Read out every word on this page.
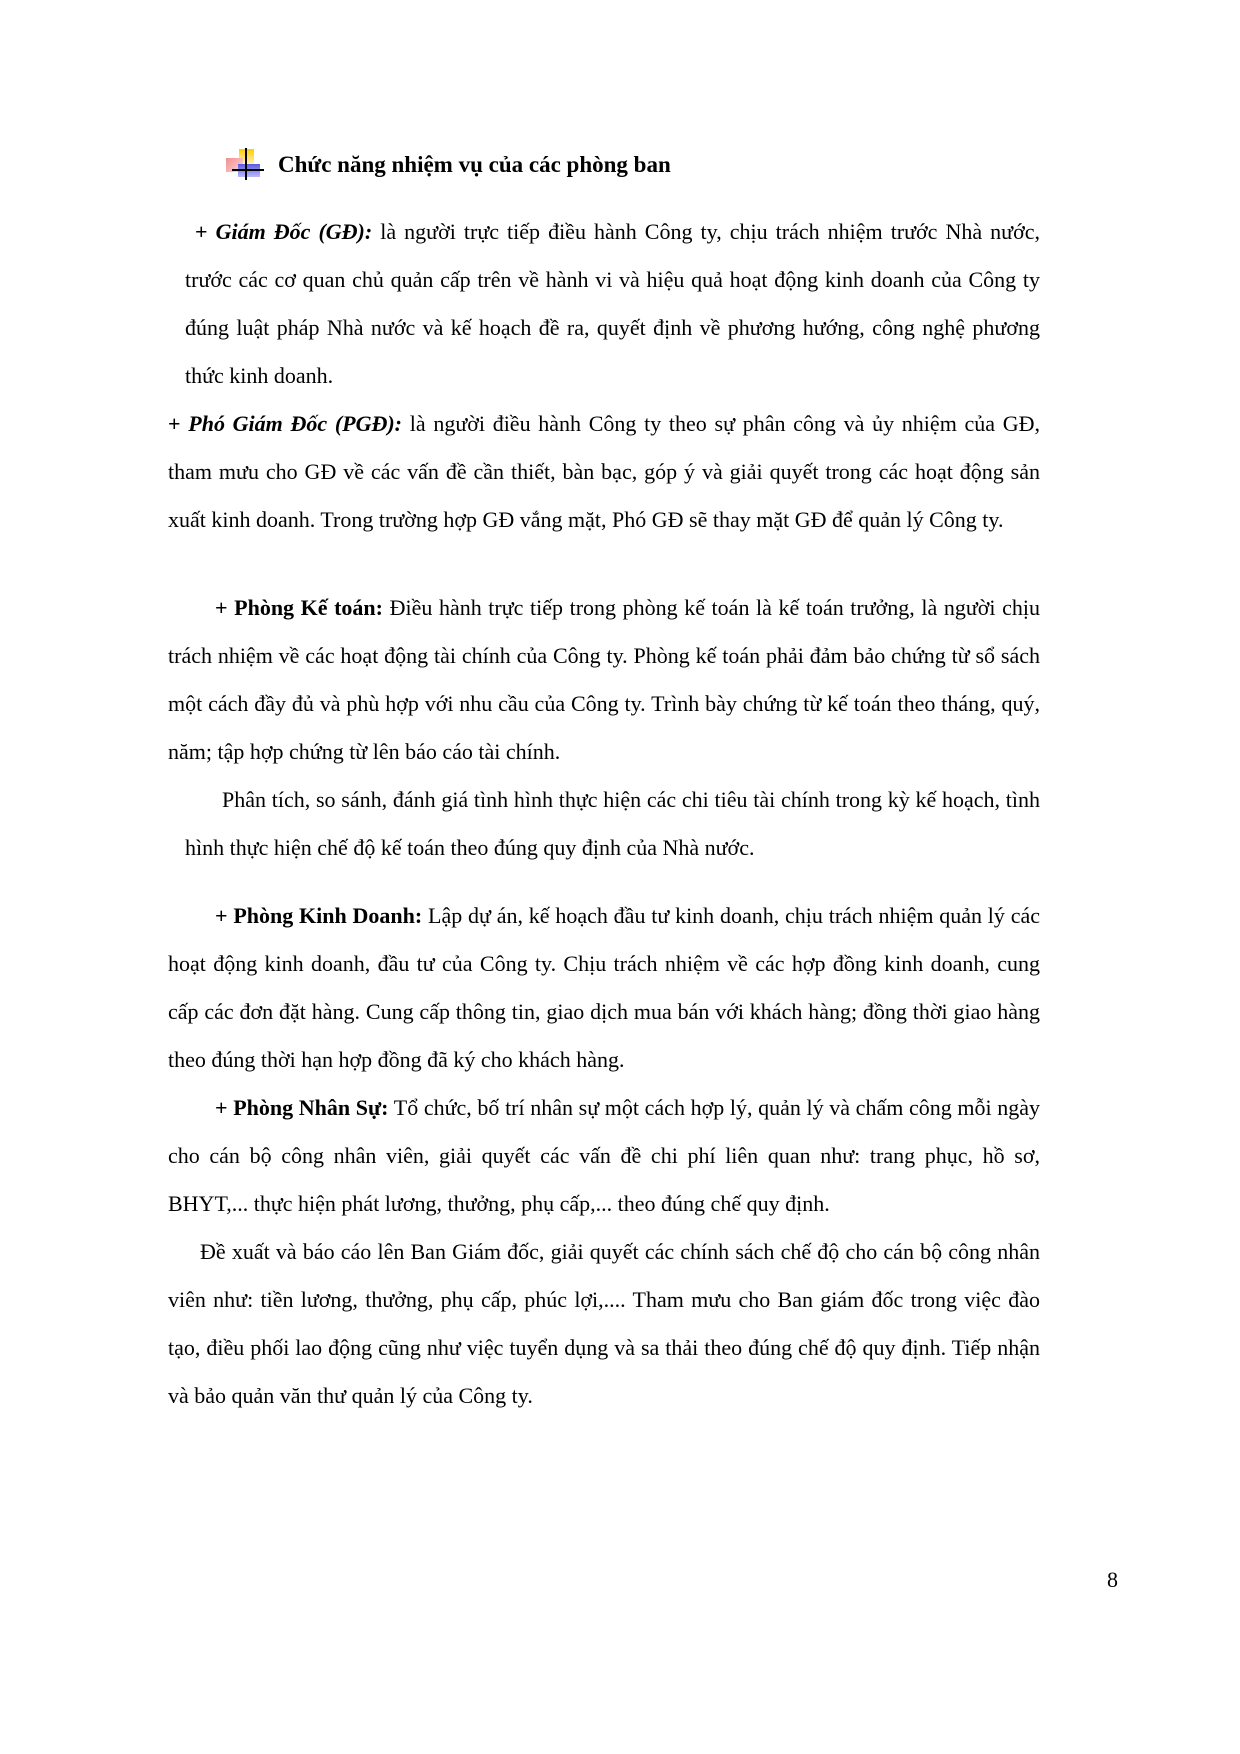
Chức năng nhiệm vụ của các phòng ban

+ Giám Đốc (GĐ): là người trực tiếp điều hành Công ty, chịu trách nhiệm trước Nhà nước, trước các cơ quan chủ quản cấp trên về hành vi và hiệu quả hoạt động kinh doanh của Công ty đúng luật pháp Nhà nước và kế hoạch đề ra, quyết định về phương hướng, công nghệ phương thức kinh doanh.

+ Phó Giám Đốc (PGĐ): là người điều hành Công ty theo sự phân công và ủy nhiệm của GĐ, tham mưu cho GĐ về các vấn đề cần thiết, bàn bạc, góp ý và giải quyết trong các hoạt động sản xuất kinh doanh. Trong trường hợp GĐ vắng mặt, Phó GĐ sẽ thay mặt GĐ để quản lý Công ty.

+ Phòng Kế toán: Điều hành trực tiếp trong phòng kế toán là kế toán trưởng, là người chịu trách nhiệm về các hoạt động tài chính của Công ty. Phòng kế toán phải đảm bảo chứng từ sổ sách một cách đầy đủ và phù hợp với nhu cầu của Công ty. Trình bày chứng từ kế toán theo tháng, quý, năm; tập hợp chứng từ lên báo cáo tài chính.

Phân tích, so sánh, đánh giá tình hình thực hiện các chi tiêu tài chính trong kỳ kế hoạch, tình hình thực hiện chế độ kế toán theo đúng quy định của Nhà nước.

+ Phòng Kinh Doanh: Lập dự án, kế hoạch đầu tư kinh doanh, chịu trách nhiệm quản lý các hoạt động kinh doanh, đầu tư của Công ty. Chịu trách nhiệm về các hợp đồng kinh doanh, cung cấp các đơn đặt hàng. Cung cấp thông tin, giao dịch mua bán với khách hàng; đồng thời giao hàng theo đúng thời hạn hợp đồng đã ký cho khách hàng.

+ Phòng Nhân Sự: Tổ chức, bố trí nhân sự một cách hợp lý, quản lý và chấm công mỗi ngày cho cán bộ công nhân viên, giải quyết các vấn đề chi phí liên quan như: trang phục, hồ sơ, BHYT,... thực hiện phát lương, thưởng, phụ cấp,... theo đúng chế quy định.

Đề xuất và báo cáo lên Ban Giám đốc, giải quyết các chính sách chế độ cho cán bộ công nhân viên như: tiền lương, thưởng, phụ cấp, phúc lợi,.... Tham mưu cho Ban giám đốc trong việc đào tạo, điều phối lao động cũng như việc tuyển dụng và sa thải theo đúng chế độ quy định. Tiếp nhận và bảo quản văn thư quản lý của Công ty.

8
